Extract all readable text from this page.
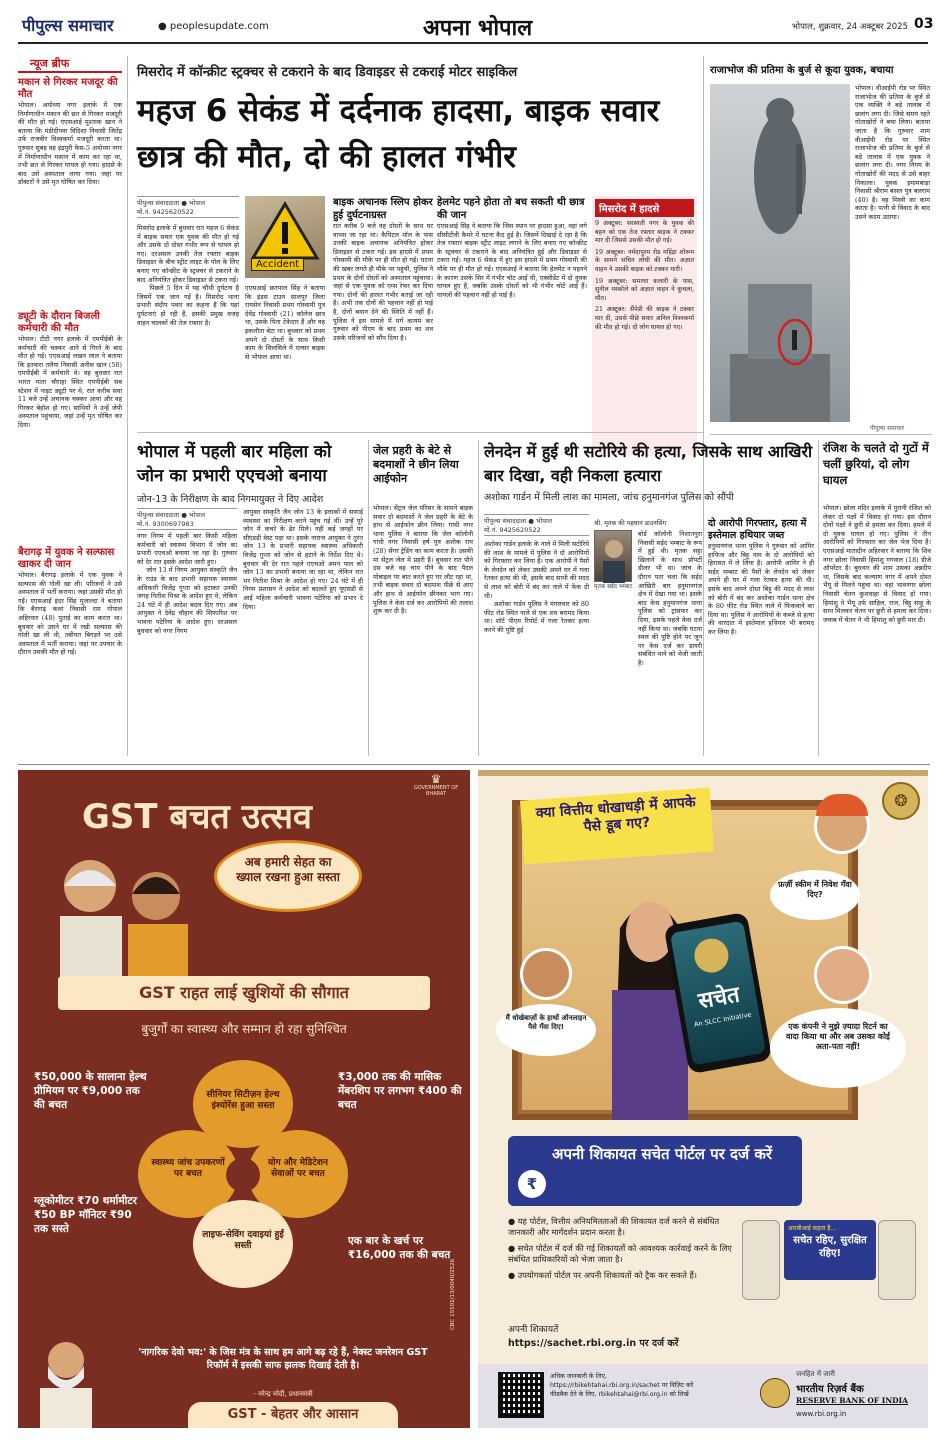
पीपुल्स समाचार	● peoplesupdate.com	अपना भोपाल	भोपाल, शुक्रवार, 24 अक्टूबर 2025 03
न्यूज ब्रीफ
मकान से गिरकर मजदूर की मौत
भोपाल। अयोध्या नगर इलाके में एक निर्माणाधीन मकान की छत से गिरकर मजदूरी की मौत हो गई। एएसआई मुश्ताक खान ने बताया कि मंडीदीपवा विदिशा निवासी जितेंद्र उर्फ राजवीर विश्वकर्मा मजदूरी करता था। गुरुवार सुबह वह इंद्रपुरी फेस-5 अयोध्या नगर में निर्माणाधीन मकान में काम कर रहा था, तभी छत से गिरकर घायल हो गया। हादसे के बाद उसे अस्पताल लाया गया। जहां पर डॉक्टरों ने उसे मृत घोषित कर दिया।
ड्यूटी के दौरान बिजली कर्मचारी की मौत
भोपाल। टीटी नगर इलाके में एमपीईबी के कर्मचारी की चक्कर आने से गिरने के बाद मौत हो गई। एएसआई लखन लाल ने बताया कि इतवारा तलैया निवासी अनीस खान (58) एमपीईबी में कर्मचारी थे। वह बुधवार रात भारत माता चौराहा स्थित एमपीईबी सब स्टेशन में नाइट ड्यूटी पर थे, रात करीब सवा 11 बजे उन्हें अचानक चक्कर आया और वह गिरकर बेहोश हो गए। साथियों ने उन्हें जेपी अस्पताल पहुंचाया, जहां उन्हें मृत घोषित कर दिया।
बैरागढ़ में युवक ने सल्फास खाकर दी जान
भोपाल। बैरागढ़ इलाके में एक युवक ने सल्फास की गोली खा ली। परिजनों ने उसे अस्पताल में भर्ती कराया। जहां उसकी मौत हो गई। एएसआई इंदर सिंह मुजाल्दा ने बताया कि बैरागढ़ कलां निवासी राम गोपाल अहिरवार (48) पुताई का काम करता था। बुधवार को उसने घर में रखी सल्फास की गोली खा ली थी, तबीयत बिगड़ने पर उसे अस्पताल में भर्ती कराया। जहां पर उपचार के दौरान उसकी मौत हो गई।
मिसरोद में कॉन्क्रीट स्ट्रक्चर से टकराने के बाद डिवाइडर से टकराई मोटर साइकिल
महज 6 सेकंड में दर्दनाक हादसा, बाइक सवार छात्र की मौत, दो की हालत गंभीर
पीपुल्स संवाददाता ● भोपाल
मो.नं. 9425620522
मिसरोद इलाके में बुधवार रात महज 6 सेकंड में बाइक सवार एक युवक की मौत हो गई और उसके दो दोस्त गंभीर रूप से घायल हो गए। दरअसल उनकी तेज रफ्तार बाइक डिवाइडर के बीच स्ट्रीट लाइट के पोल के लिए बनाए गए कॉन्क्रीट के स्ट्रक्चर से टकराने के बाद अनियंत्रित होकर डिवाइडर से टकरा गई।
पिछले 5 दिन में यह चौथी दुर्घटना है जिसमें एक जान गई है। मिसरोद थाना प्रभारी संदीप पवार का कहना है कि यहां दुर्घटनाएं हो रही हैं, इसकी प्रमुख वजह वाहन चालकों की तेज रफ्तार है।
Accident
एएसआई छतपाल सिंह ने बताया कि इंडस टाउन सालपुर जिला रायसेन निवासी प्रथम गोस्वामी पुत्र देवेंद्र गोस्वामी (21) कॉलेज छात्र था, उसके पिता टेकेदार हैं और वह इकलौता बेटा था। बुधवार को प्रथम अपने दो दोस्तों के साथ किसी काम के सिलसिले में एल्सर बाइक से भोपाल आया था।
बाइक अचानक स्लिप होकर हुई दुर्घटनाग्रस्त
रात करीब 9 बजे वह दोस्तों के साथ घर वापस जा रहा था। कैपिटल मॉल के पास उनकी बाइक अचानक अनियंत्रित होकर डिवाइडर से टकरा गई। इस हादसे में प्रथम गोस्वामी की मौके पर ही मौत हो गई। घटना की खबर लगते ही मौके पर पहुंची, पुलिस ने प्रथम के दोनों दोस्तों को अस्पताल पहुंचाया। जहां से एक युवक को एम्स रेफर कर दिया गया। दोनों की हालत गंभीर बताई जा रही है। अभी तक दोनों की पहचान नहीं हो पाई है, दोनों बयान देने की स्थिति में नहीं हैं। पुलिस ने इस मामले में मर्ग कायम कर गुरुवार को पीएम के बाद प्रथम का शव उसके परिजनों को सौंप दिया है।
हेलमेट पहने होता तो बच सकती थी छात्र की जान
एएसआई सिंह ने बताया कि जिस स्थान पर हादसा हुआ, वहां लगे सीसीटीवी कैमरे में घटना कैद हुई है। जिसमें दिखाई दे रहा है कि तेज रफ्तार बाइक स्ट्रीट लाइट लगाने के लिए बनाए गए कॉन्क्रीट के स्ट्रक्चर से टकराने के बाद अनियंत्रित हुई और डिवाइडर से टकरा गई। महज 6 सेकंड में हुए इस हादसे में प्रथम गोस्वामी की मौके पर ही मौत हो गई। एएसआई ने बताया कि हेलमेट न पहनने के कारण उसके सिर में गंभीर चोट आई थी, एक्सीडेंट में दो युवक घायल हुए हैं, जबकि उसके दोस्तों को भी गंभीर चोटें आई हैं। घायलों की पहचान नहीं हो पाई है।
मिसरोद में हादसे
9 अक्टूबर: सरस्वती नगर के युवक की बहन को एक तेज रफ्तार बाइक ने टक्कर मार दी जिससे उसकी मौत हो गई।
19 अक्टूबर: नर्मदापुरम रोड महिंद्रा शोरूम के सामने सचिन लोधी की मौत। अज्ञात वाहन ने उसकी बाइक को टक्कर मारी।
19 अक्टूबर: समरधा कलारी के पास, सुनील मस्कोले को अज्ञात वाहन ने कुचला, मौत।
21 अक्टूबर: सैंपेडी की बाइक ने टक्कर मार दी, उससे पीछे सवार अनिल विश्वकर्मा की मौत हो गई। दो लोग घायल हो गए।
राजाभोज की प्रतिमा के बुर्ज से कूदा युवक, बचाया
भोपाल। वीआईपी रोड पर स्थित राजाभोज की प्रतिमा के बुर्ज से एक व्यक्ति ने बड़े तालाब में छलांग लगा दी। जिसे समय रहते गोताखोरों ने बचा लिया। बताया जाता है कि गुरुवार शाम वीआईपी रोड पर स्थित राजाभोज की प्रतिमा के बुर्ज से बड़े तालाब में एक युवक ने छलांग लगा दी। नगर निगम के गोताखोरों की मदद से उसे बाहर निकाला। युवक इमामबाड़ा निवासी श्रीराम बंसल पुत्र बलराम (40) है। वह मिस्त्री का काम करता है। पत्नी से विवाद के बाद उसने कदम उठाया।
पीपुल्स समाचार
भोपाल में पहली बार महिला को जोन का प्रभारी एएचओ बनाया
जोन-13 के निरीक्षण के बाद निगमायुक्त ने दिए आदेश
पीपुल्स संवाददाता ● भोपाल
मो.नं. 9300697983
नगर निगम में पहली बार किसी महिला कर्मचारी को स्वास्थ्य विभाग में जोन का प्रभारी एएचओ बनाया जा रहा है। गुरुवार को देर रात इसके आदेश जारी हुए।
जोन 13 में निगम आयुक्त संस्कृति जैन के राउंड के बाद प्रभारी सहायक स्वास्थ्य अधिकारी विजेंद्र गुप्ता को हटाकर उनकी जगह नितीश मिश्रा के आदेश हुए थे, लेकिन 24 घंटे में ही आदेश बदल दिए गए। अब आयुक्त ने देवेंद्र चौहान की सिफारिश पर भावना पटेरिया के आदेश हुए। दरअसल बुधवार को नगर निगम
आयुक्त संस्कृति जैन जोन 13 के इलाकों में सफाई व्यवस्था का निरीक्षण करने पहुंच गई थीं। उन्हें पूरे जोन में कचरे के ढेर मिले। नहीं कई जगहों पर सीएंडडी वेस्ट पड़ा था। इसके नाराज आयुक्त ने तुरंत जोन 13 के प्रभारी सहायक स्वास्थ्य अधिकारी विजेंद्र गुप्ता को जोन से हटाने के निर्देश दिए थे। बुधवार की देर रात पहले एएचओ अमन पाल को जोन 13 का प्रभारी बनाया जा रहा था, लेकिन रात भर नितीश मिश्रा के आदेश हो गए। 24 घंटे में ही निगम प्रशासन ने आदेश को बदलते हुए यूएसडी से आई महिला कर्मचारी भावना पटेरिया को प्रभार दे दिया।
जेल प्रहरी के बेटे से बदमाशों ने छीन लिया आईफोन
भोपाल। सेंट्रल जेल परिसर के सामने बाइक सवार दो बदमाशों ने जेल प्रहरी के बेटे के हाथ से आईफोन छीन लिया। गांधी नगर थाना पुलिस ने बताया कि जेल कॉलोनी गांधी नगर निवासी हर्ष पुत्र अशोक राय (28) सेंगर ट्रेडिंग का काम करता है। उसकी मां सेंट्रल जेल में प्रहरी हैं। बुधवार रात पौने दस बजे वह चाय पीने के बाद पैदल मोबाइल पर बात करते हुए घर लौट रहा था, तभी बाइक सवार दो बदमाश पीछे से आए और हाथ से आईफोन छीनकर भाग गए। पुलिस ने केस दर्ज कर आरोपियों की तलाश शुरू कर दी है।
लेनदेन में हुई थी सटोरिये की हत्या, जिसके साथ आखिरी बार दिखा, वही निकला हत्यारा
अशोका गार्डन में मिली लाश का मामला, जांच हनुमानगंज पुलिस को सौंपी
पीपुल्स संवाददाता ● भोपाल
मो.नं. 9425620522
अशोका गार्डन इलाके के नाले में मिली सटोरिये की लाश के मामले में पुलिस ने दो आरोपियों को गिरफ्तार कर लिया है। एक आरोपी ने पैसों के लेनदेन को लेकर उसकी अपने घर में गला रेतकर हत्या की थी, इसके बाद साथी की मदद से लाश को बोरी में बंद कर नाले में फेंक दी थी।
अशोका गार्डन पुलिस ने मंगलवार को 80 फीट रोड स्थित नाले से एक शव बरामद किया था। शॉर्ट पीएम रिपोर्ट में गला रेतकर हत्या करने की पुष्टि हुई
मृतक सईद भम्बाट
श्री. मृतक की पहचान डाउनसिंग
बोर्ड कॉलोनी निशातपुरा निवासी सईद भम्बाट के रूप में हुई थी। मृतक सट्टा खिलाने के साथ प्रॉपर्टी डीलर भी था। जांच के दौरान पता चला कि सईद आखिरी बार हनुमानगंज क्षेत्र में देखा गया था। इसके बाद केस हनुमानगंज थाना पुलिस को ट्रांसफर कर दिया, इसके पहले केस दर्ज नहीं किया था। जबकि घटना स्थल की पुष्टि होने पर जून पर केस दर्ज कर डायरी संबंधित थाने को भेजी जाती है।
दो आरोपी गिरफ्तार, हत्या में इस्तेमाल हथियार जब्त
हनुमानगंज थाना पुलिस ने गुरुवार को आमिर हाफिज और बिट्टू नाम के दो आरोपियों को हिरासत में ले लिया है। आरोपी आमिर ने ही सईद भम्बाट की पैसों के लेनदेन को लेकर अपने ही घर में गला रेतकर हत्या की थी। इसके बाद अपने दोस्त बिट्टू की मदद से लाश को बोरी में बंद कर अशोका गार्डन थाना क्षेत्र के 80 फीट रोड स्थित नाले में फिंकवाने का दिया था। पुलिस ने आरोपियों के कब्जे से हत्या की वारदात में इस्तेमाल हथियार भी बरामद कर लिया है।
रंजिश के चलते दो गुटों में चलीं छुरियां, दो लोग घायल
भोपाल। छोला मंदिर इलाके में पुरानी रंजिश को लेकर दो पक्षों में विवाद हो गया। इस दौरान दोनों पक्षों ने छुरी से हमला कर दिया। हमले में दो युवक घायल हो गए। पुलिस ने तीन आरोपियों को गिरफ्तार कर जेल भेज दिया है। एएसआई मातादीन अहिरवार ने बताया कि शिव नगर छोला निवासी हिमांशु गगवाल (18) डीजे ऑपरेटर है। बुधवार की शाम उसका अन्नदीप था, जिसके बाद कल्याण नगर में अपने दोस्त भैयू से मिलने पहुंचा था। वहां भावनगर छोला निवासी चेतन कुशवाहा से विवाद हो गया। हिमांशु ने भैयू उर्फ साहिल, राज, बिट्टू साहू के साथ मिलकर चेतन पर छुरी से हमला कर दिया। जवाब में चेतन ने भी हिमांशु को छुरी मार दी।
♛
GOVERNMENT OF BHARAT
GST बचत उत्सव
अब हमारी सेहत का ख्याल रखना हुआ सस्ता
GST राहत लाई खुशियों की सौगात
बुजुर्गों का स्वास्थ्य और सम्मान हो रहा सुनिश्चित
₹50,000 के सालाना हेल्थ प्रीमियम पर ₹9,000 तक की बचत
₹3,000 तक की मासिक मेंबरशिप पर लगभग ₹400 की बचत
ग्लूकोमीटर ₹70 थर्मामीटर ₹50 BP मॉनिटर ₹90 तक सस्ते
एक बार के खर्च पर ₹16,000 तक की बचत
सीनियर सिटीज़न हेल्थ इंश्योरेंस हुआ सस्ता
स्वास्थ्य जांच उपकरणों पर बचत
योग और मेडिटेशन सेवाओं पर बचत
लाइफ-सेविंग दवाइयां हुईं सस्ती
'नागरिक देवो भव:' के जिस मंत्र के साथ हम आगे बढ़ रहे हैं, नेक्स्ट जनरेशन GST रिफॉर्म में इसकी साफ झलक दिखाई देती है।
- नरेन्द्र मोदी, प्रधानमंत्री
GST - बेहतर और आसान
CBC 15502/13/0040/2526
❂
क्या वित्तीय धोखाधड़ी में आपके पैसे डूब गए?
सचेत
An SLCC Initiative
मैं धोखेबाज़ों के हाथों ऑनलाइन पैसे गँवा दिए!
फ़र्ज़ी स्कीम में निवेश गँवा दिए?
एक कंपनी ने मुझे ज़्यादा रिटर्न का वादा किया था और अब उसका कोई अता-पता नहीं!
₹
अपनी शिकायत सचेत पोर्टल पर दर्ज करें
● यह पोर्टल, वित्तीय अनियमितताओं की शिकायत दर्ज करने से संबंधित जानकारी और मार्गदर्शन प्रदान करता है।
● सचेत पोर्टल में दर्ज की गई शिकायतों को आवश्यक कार्रवाई करने के लिए संबंधित प्राधिकारियों को भेजा जाता है।
● उपयोगकर्ता पोर्टल पर अपनी शिकायतों को ट्रैक कर सकते हैं।
अपनी शिकायतें
https://sachet.rbi.org.in पर दर्ज करें
आरबीआई कहता है...
सचेत रहिए, सुरक्षित रहिए!
अधिक जानकारी के लिए, https://rbikehtahai.rbi.org.in/sachet पर विज़िट करें फीडबैक देने के लिए, rbikehtahai@rbi.org.in को लिखें
जनहित में जारी
भारतीय रिज़र्व बैंक
RESERVE BANK OF INDIA
www.rbi.org.in
